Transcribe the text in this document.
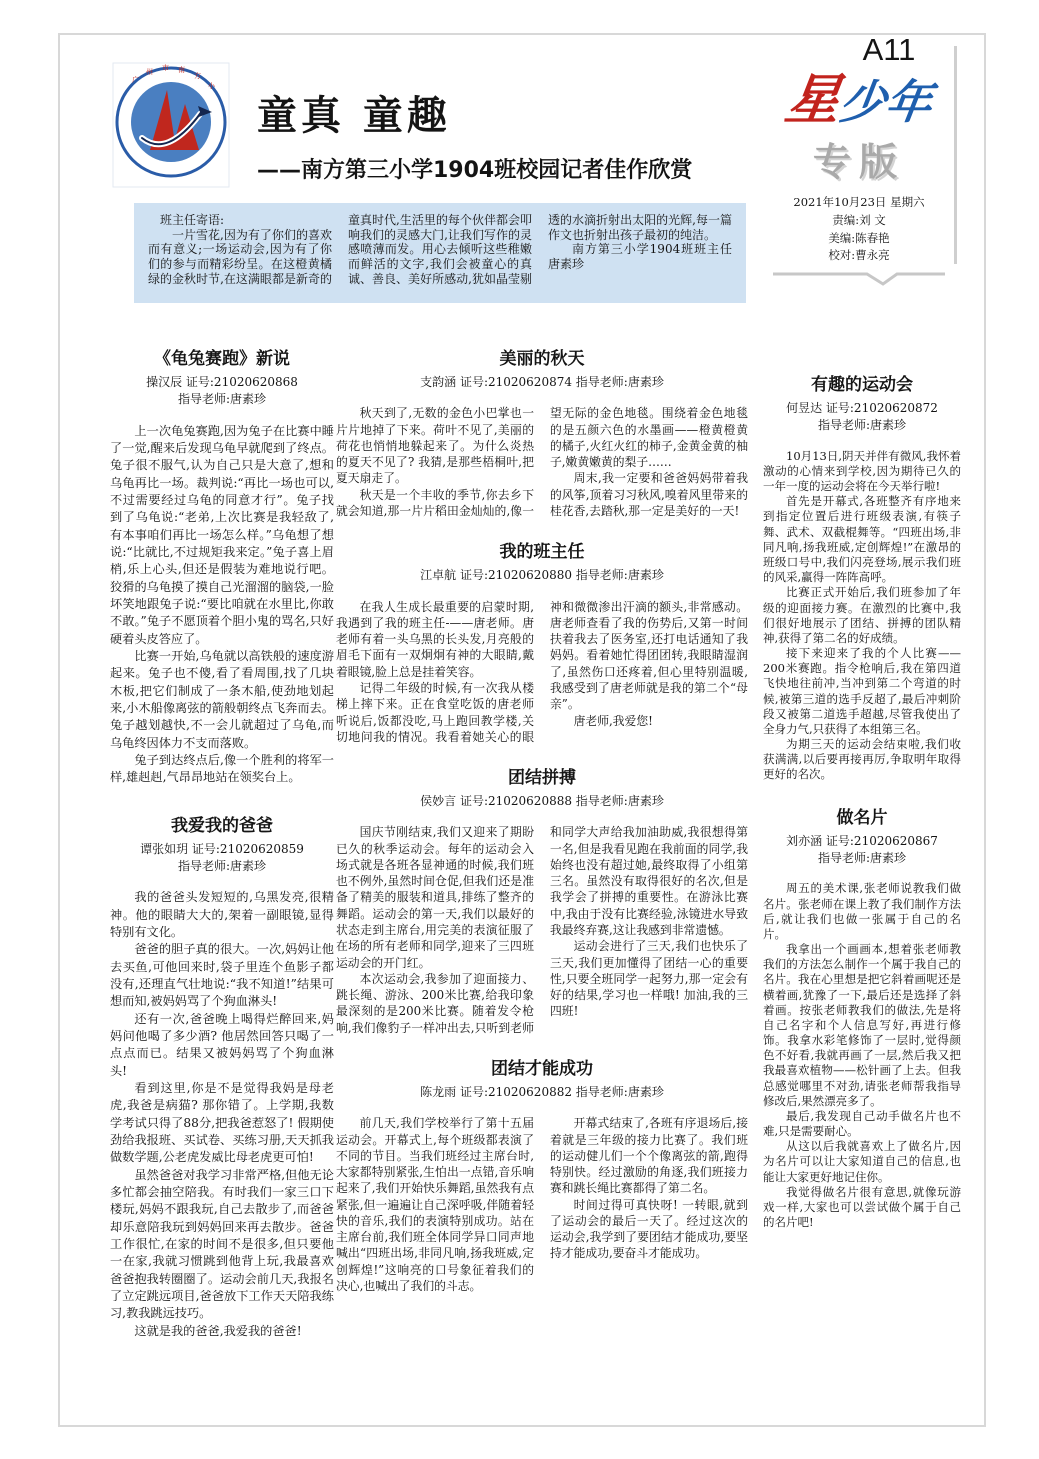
广
州 市 南
方
小
童真 童趣

——南方第三小学1904班校园记者佳作欣赏

A11
星少年
专版
2021年10月23日 星期六
责编:刘 文
美编:陈春艳
校对:曹永亮

班主任寄语:

一片雪花,因为有了你们的喜欢而有意义;一场运动会,因为有了你们的参与而精彩纷呈。在这橙黄橘绿的金秋时节,在这满眼都是新奇的童真时代,生活里的每个伙伴都会叩响我们的灵感大门,让我们写作的灵感喷薄而发。用心去倾听这些稚嫩而鲜活的文字,我们会被童心的真诚、善良、美好所感动,犹如晶莹剔透的水滴折射出太阳的光辉,每一篇作文也折射出孩子最初的纯洁。

南方第三小学1904班班主任唐素珍

《龟兔赛跑》新说

操汉辰 证号:21020620868

指导老师:唐素珍

上一次龟兔赛跑,因为兔子在比赛中睡了一觉,醒来后发现乌龟早就爬到了终点。兔子很不服气,认为自己只是大意了,想和乌龟再比一场。裁判说:“再比一场也可以,不过需要经过乌龟的同意才行”。兔子找到了乌龟说:“老弟,上次比赛是我轻敌了,有本事咱们再比一场怎么样。”乌龟想了想说:“比就比,不过规矩我来定。”兔子喜上眉梢,乐上心头,但还是假装为难地说行吧。狡猾的乌龟摸了摸自己光溜溜的脑袋,一脸坏笑地跟兔子说:“要比咱就在水里比,你敢不敢。”兔子不愿顶着个胆小鬼的骂名,只好硬着头皮答应了。

比赛一开始,乌龟就以高铁般的速度游起来。兔子也不傻,看了看周围,找了几块木板,把它们制成了一条木船,使劲地划起来,小木船像离弦的箭般朝终点飞奔而去。兔子越划越快,不一会儿就超过了乌龟,而乌龟终因体力不支而落败。

兔子到达终点后,像一个胜利的将军一样,雄赳赳,气昂昂地站在领奖台上。

我爱我的爸爸

谭张如玥 证号:21020620859

指导老师:唐素珍

我的爸爸头发短短的,乌黑发亮,很精神。他的眼睛大大的,架着一副眼镜,显得特别有文化。

爸爸的胆子真的很大。一次,妈妈让他去买鱼,可他回来时,袋子里连个鱼影子都没有,还理直气壮地说:“我不知道!”结果可想而知,被妈妈骂了个狗血淋头!

还有一次,爸爸晚上喝得烂醉回来,妈妈问他喝了多少酒? 他居然回答只喝了一点点而已。结果又被妈妈骂了个狗血淋头!

看到这里,你是不是觉得我妈是母老虎,我爸是病猫? 那你错了。上学期,我数学考试只得了88分,把我爸惹怒了! 假期使劲给我报班、买试卷、买练习册,天天抓我做数学题,公老虎发威比母老虎更可怕!

虽然爸爸对我学习非常严格,但他无论多忙都会抽空陪我。有时我们一家三口下楼玩,妈妈不跟我玩,自己去散步了,而爸爸却乐意陪我玩到妈妈回来再去散步。爸爸工作很忙,在家的时间不是很多,但只要他一在家,我就习惯跳到他背上玩,我最喜欢爸爸抱我转圈圈了。运动会前几天,我报名了立定跳远项目,爸爸放下工作天天陪我练习,教我跳远技巧。

这就是我的爸爸,我爱我的爸爸!

美丽的秋天

支韵涵 证号:21020620874 指导老师:唐素珍

秋天到了,无数的金色小巴掌也一片片地掉了下来。荷叶不见了,美丽的荷花也悄悄地躲起来了。为什么炎热的夏天不见了? 我猜,是那些梧桐叶,把夏天扇走了。

秋天是一个丰收的季节,你去乡下就会知道,那一片片稻田金灿灿的,像一望无际的金色地毯。围绕着金色地毯的是五颜六色的水墨画——橙黄橙黄的橘子,火红火红的柿子,金黄金黄的柚子,嫩黄嫩黄的梨子……

周末,我一定要和爸爸妈妈带着我的风筝,顶着习习秋风,嗅着风里带来的桂花香,去踏秋,那一定是美好的一天!

我的班主任

江卓航 证号:21020620880 指导老师:唐素珍

在我人生成长最重要的启蒙时期,我遇到了我的班主任-——唐老师。唐老师有着一头乌黑的长头发,月亮般的眉毛下面有一双炯炯有神的大眼睛,戴着眼镜,脸上总是挂着笑容。

记得二年级的时候,有一次我从楼梯上摔下来。正在食堂吃饭的唐老师听说后,饭都没吃,马上跑回教学楼,关切地问我的情况。我看着她关心的眼神和微微渗出汗滴的额头,非常感动。唐老师查看了我的伤势后,又第一时间扶着我去了医务室,还打电话通知了我妈妈。看着她忙得团团转,我眼睛湿润了,虽然伤口还疼着,但心里特别温暖,我感受到了唐老师就是我的第二个“母亲”。

唐老师,我爱您!

团结拼搏

侯妙言 证号:21020620888 指导老师:唐素珍

国庆节刚结束,我们又迎来了期盼已久的秋季运动会。每年的运动会入场式就是各班各显神通的时候,我们班也不例外,虽然时间仓促,但我们还是准备了精美的服装和道具,排练了整齐的舞蹈。运动会的第一天,我们以最好的状态走到主席台,用完美的表演征服了在场的所有老师和同学,迎来了三四班运动会的开门红。

本次运动会,我参加了迎面接力、跳长绳、游泳、200米比赛,给我印象最深刻的是200米比赛。随着发令枪响,我们像豹子一样冲出去,只听到老师和同学大声给我加油助威,我很想得第一名,但是我看见跑在我前面的同学,我始终也没有超过她,最终取得了小组第三名。虽然没有取得很好的名次,但是我学会了拼搏的重要性。在游泳比赛中,我由于没有比赛经验,泳镜进水导致我最终弃赛,这让我感到非常遗憾。

运动会进行了三天,我们也快乐了三天,我们更加懂得了团结一心的重要性,只要全班同学一起努力,那一定会有好的结果,学习也一样哦! 加油,我的三四班!

团结才能成功

陈龙雨 证号:21020620882 指导老师:唐素珍

前几天,我们学校举行了第十五届运动会。开幕式上,每个班级都表演了不同的节目。当我们班经过主席台时,大家都特别紧张,生怕出一点错,音乐响起来了,我们开始快乐舞蹈,虽然我有点紧张,但一遍遍让自己深呼吸,伴随着轻快的音乐,我们的表演特别成功。站在主席台前,我们班全体同学异口同声地喊出“四班出场,非同凡响,扬我班威,定创辉煌!”这响亮的口号象征着我们的决心,也喊出了我们的斗志。

开幕式结束了,各班有序退场后,接着就是三年级的接力比赛了。我们班的运动健儿们一个个像离弦的箭,跑得特别快。经过激励的角逐,我们班接力赛和跳长绳比赛都得了第二名。

时间过得可真快呀! 一转眼,就到了运动会的最后一天了。经过这次的运动会,我学到了要团结才能成功,要坚持才能成功,要奋斗才能成功。

有趣的运动会

何昱达 证号:21020620872

指导老师:唐素珍

10月13日,阴天并伴有微风,我怀着激动的心情来到学校,因为期待已久的一年一度的运动会将在今天举行啦!

首先是开幕式,各班整齐有序地来到指定位置后进行班级表演,有筷子舞、武术、双截棍舞等。“四班出场,非同凡响,扬我班威,定创辉煌!”在激昂的班级口号中,我们闪亮登场,展示我们班的风采,赢得一阵阵高呼。

比赛正式开始后,我们班参加了年级的迎面接力赛。在激烈的比赛中,我们很好地展示了团结、拼搏的团队精神,获得了第二名的好成绩。

接下来迎来了我的个人比赛——200米赛跑。指令枪响后,我在第四道飞快地往前冲,当冲到第二个弯道的时候,被第三道的选手反超了,最后冲刺阶段又被第二道选手超越,尽管我使出了全身力气,只获得了本组第三名。

为期三天的运动会结束啦,我们收获满满,以后要再接再厉,争取明年取得更好的名次。

做名片

刘亦涵 证号:21020620867

指导老师:唐素珍

周五的美术课,张老师说教我们做名片。张老师在课上教了我们制作方法后,就让我们也做一张属于自己的名片。

我拿出一个画画本,想着张老师教我们的方法怎么制作一个属于我自己的名片。我在心里想是把它斜着画呢还是横着画,犹豫了一下,最后还是选择了斜着画。按张老师教我们的做法,先是将自己名字和个人信息写好,再进行修饰。我拿水彩笔修饰了一层时,觉得颜色不好看,我就再画了一层,然后我又把我最喜欢植物——松针画了上去。但我总感觉哪里不对劲,请张老师帮我指导修改后,果然漂亮多了。

最后,我发现自己动手做名片也不难,只是需要耐心。

从这以后我就喜欢上了做名片,因为名片可以让大家知道自己的信息,也能让大家更好地记住你。

我觉得做名片很有意思,就像玩游戏一样,大家也可以尝试做个属于自己的名片吧!
